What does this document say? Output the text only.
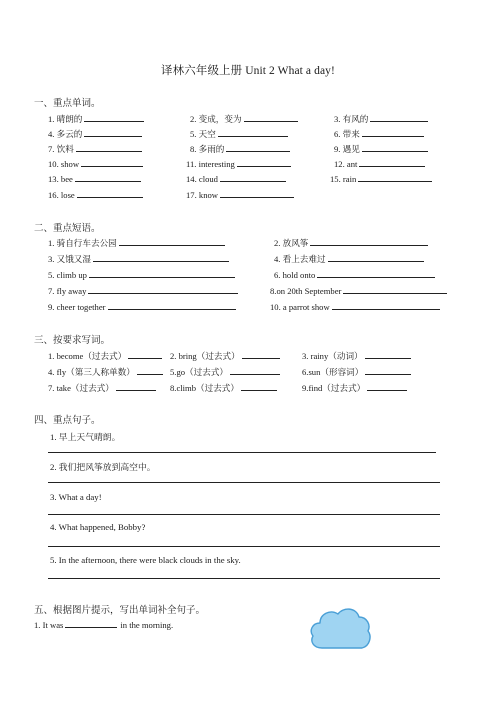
译林六年级上册 Unit 2 What a day!
一、重点单词。
1. 晴朗的	2. 变成，变为	3. 有风的
4. 多云的	5. 天空	6. 带来
7. 饮料	8. 多雨的	9. 遇见
10. show	11. interesting	12. ant
13. bee	14. cloud	15. rain
16. lose	17. know
二、重点短语。
1. 骑自行车去公园	2. 放风筝
3. 又饿又湿	4. 看上去难过
5. climb up	6. hold onto
7. fly away	8.on 20th September
9. cheer together	10. a parrot show
三、按要求写词。
1. become（过去式）	2. bring（过去式）	3. rainy（动词）
4. fly（第三人称单数）	5.go（过去式）	6.sun（形容词）
7. take（过去式）	8.climb（过去式）	9.find（过去式）
四、重点句子。
1. 早上天气晴朗。
2. 我们把风筝放到高空中。
3. What a day!
4. What happened, Bobby?
5. In the afternoon, there were black clouds in the sky.
五、根据图片提示，写出单词补全句子。
1. It was	in the morning.
